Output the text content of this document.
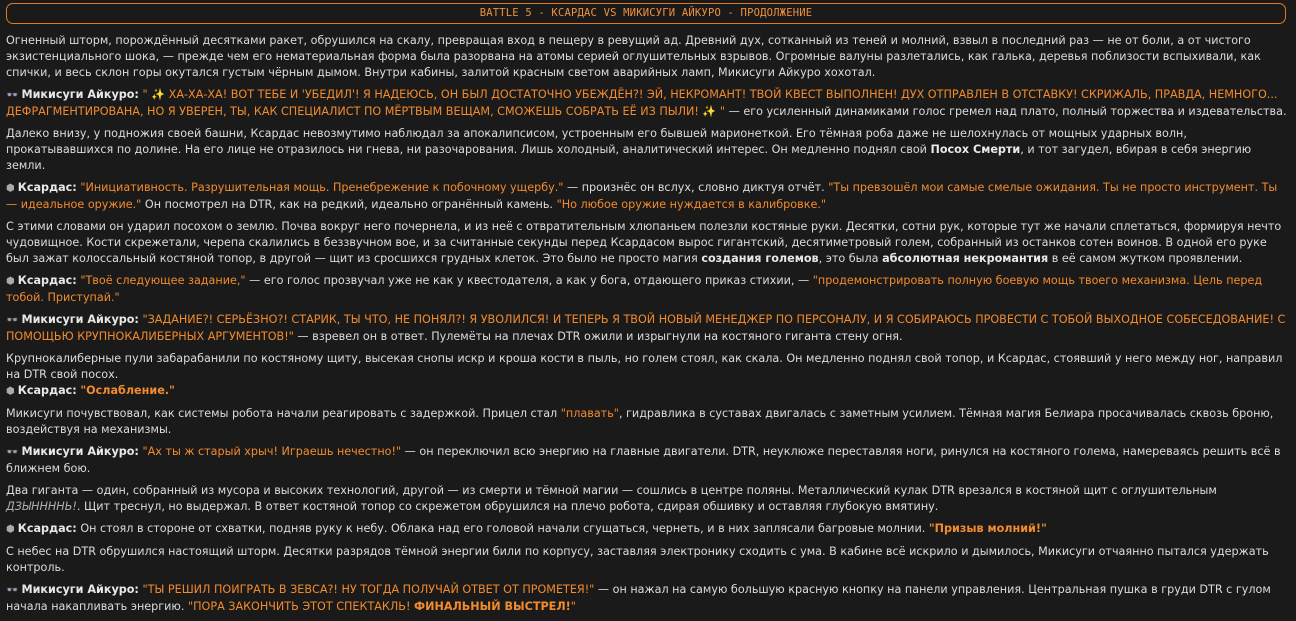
BATTLE 5 - КСАРДАС VS МИКИСУГИ АЙКУРО - ПРОДОЛЖЕНИЕ

Огненный шторм, порождённый десятками ракет, обрушился на скалу, превращая вход в пещеру в ревущий ад. Древний дух, сотканный из теней и молний, взвыл в последний раз — не от боли, а от чистого экзистенциального шока, — прежде чем его нематериальная форма была разорвана на атомы серией оглушительных взрывов. Огромные валуны разлетались, как галька, деревья поблизости вспыхивали, как спички, и весь склон горы окутался густым чёрным дымом. Внутри кабины, залитой красным светом аварийных ламп, Микисуги Айкуро хохотал.

👓 Микисуги Айкуро: " ✨ ХА-ХА-ХА! ВОТ ТЕБЕ И 'УБЕДИЛ'! Я НАДЕЮСЬ, ОН БЫЛ ДОСТАТОЧНО УБЕЖДЁН?! ЭЙ, НЕКРОМАНТ! ТВОЙ КВЕСТ ВЫПОЛНЕН! ДУХ ОТПРАВЛЕН В ОТСТАВКУ! СКРИЖАЛЬ, ПРАВДА, НЕМНОГО... ДЕФРАГМЕНТИРОВАНА, НО Я УВЕРЕН, ТЫ, КАК СПЕЦИАЛИСТ ПО МЁРТВЫМ ВЕЩАМ, СМОЖЕШЬ СОБРАТЬ ЕЁ ИЗ ПЫЛИ! ✨ " — его усиленный динамиками голос гремел над плато, полный торжества и издевательства.

Далеко внизу, у подножия своей башни, Ксардас невозмутимо наблюдал за апокалипсисом, устроенным его бывшей марионеткой. Его тёмная роба даже не шелохнулась от мощных ударных волн, прокатывавшихся по долине. На его лице не отразилось ни гнева, ни разочарования. Лишь холодный, аналитический интерес. Он медленно поднял свой Посох Смерти, и тот загудел, вбирая в себя энергию земли.

⬢ Ксардас: "Инициативность. Разрушительная мощь. Пренебрежение к побочному ущербу." — произнёс он вслух, словно диктуя отчёт. "Ты превзошёл мои самые смелые ожидания. Ты не просто инструмент. Ты — идеальное оружие." Он посмотрел на DTR, как на редкий, идеально огранённый камень. "Но любое оружие нуждается в калибровке."

С этими словами он ударил посохом о землю. Почва вокруг него почернела, и из неё с отвратительным хлюпаньем полезли костяные руки. Десятки, сотни рук, которые тут же начали сплетаться, формируя нечто чудовищное. Кости скрежетали, черепа скалились в беззвучном вое, и за считанные секунды перед Ксардасом вырос гигантский, десятиметровый голем, собранный из останков сотен воинов. В одной его руке был зажат колоссальный костяной топор, в другой — щит из сросшихся грудных клеток. Это было не просто магия создания големов, это была абсолютная некромантия в её самом жутком проявлении.

⬢ Ксардас: "Твоё следующее задание," — его голос прозвучал уже не как у квестодателя, а как у бога, отдающего приказ стихии, — "продемонстрировать полную боевую мощь твоего механизма. Цель перед тобой. Приступай."

👓 Микисуги Айкуро: "ЗАДАНИЕ?! СЕРЬЁЗНО?! СТАРИК, ТЫ ЧТО, НЕ ПОНЯЛ?! Я УВОЛИЛСЯ! И ТЕПЕРЬ Я ТВОЙ НОВЫЙ МЕНЕДЖЕР ПО ПЕРСОНАЛУ, И Я СОБИРАЮСЬ ПРОВЕСТИ С ТОБОЙ ВЫХОДНОЕ СОБЕСЕДОВАНИЕ! С ПОМОЩЬЮ КРУПНОКАЛИБЕРНЫХ АРГУМЕНТОВ!" — взревел он в ответ. Пулемёты на плечах DTR ожили и изрыгнули на костяного гиганта стену огня.

Крупнокалиберные пули забарабанили по костяному щиту, высекая снопы искр и кроша кости в пыль, но голем стоял, как скала. Он медленно поднял свой топор, и Ксардас, стоявший у него между ног, направил на DTR свой посох.

⬢ Ксардас: "Ослабление."

Микисуги почувствовал, как системы робота начали реагировать с задержкой. Прицел стал "плавать", гидравлика в суставах двигалась с заметным усилием. Тёмная магия Белиара просачивалась сквозь броню, воздействуя на механизмы.

👓 Микисуги Айкуро: "Ах ты ж старый хрыч! Играешь нечестно!" — он переключил всю энергию на главные двигатели. DTR, неуклюже переставляя ноги, ринулся на костяного голема, намереваясь решить всё в ближнем бою.

Два гиганта — один, собранный из мусора и высоких технологий, другой — из смерти и тёмной магии — сошлись в центре поляны. Металлический кулак DTR врезался в костяной щит с оглушительным ДЗЫННННЬ!. Щит треснул, но выдержал. В ответ костяной топор со скрежетом обрушился на плечо робота, сдирая обшивку и оставляя глубокую вмятину.

⬢ Ксардас: Он стоял в стороне от схватки, подняв руку к небу. Облака над его головой начали сгущаться, чернеть, и в них заплясали багровые молнии. "Призыв молний!"

С небес на DTR обрушился настоящий шторм. Десятки разрядов тёмной энергии били по корпусу, заставляя электронику сходить с ума. В кабине всё искрило и дымилось, Микисуги отчаянно пытался удержать контроль.

👓 Микисуги Айкуро: "ТЫ РЕШИЛ ПОИГРАТЬ В ЗЕВСА?! НУ ТОГДА ПОЛУЧАЙ ОТВЕТ ОТ ПРОМЕТЕЯ!" — он нажал на самую большую красную кнопку на панели управления. Центральная пушка в груди DTR с гулом начала накапливать энергию. "ПОРА ЗАКОНЧИТЬ ЭТОТ СПЕКТАКЛЬ! ФИНАЛЬНЫЙ ВЫСТРЕЛ!"
